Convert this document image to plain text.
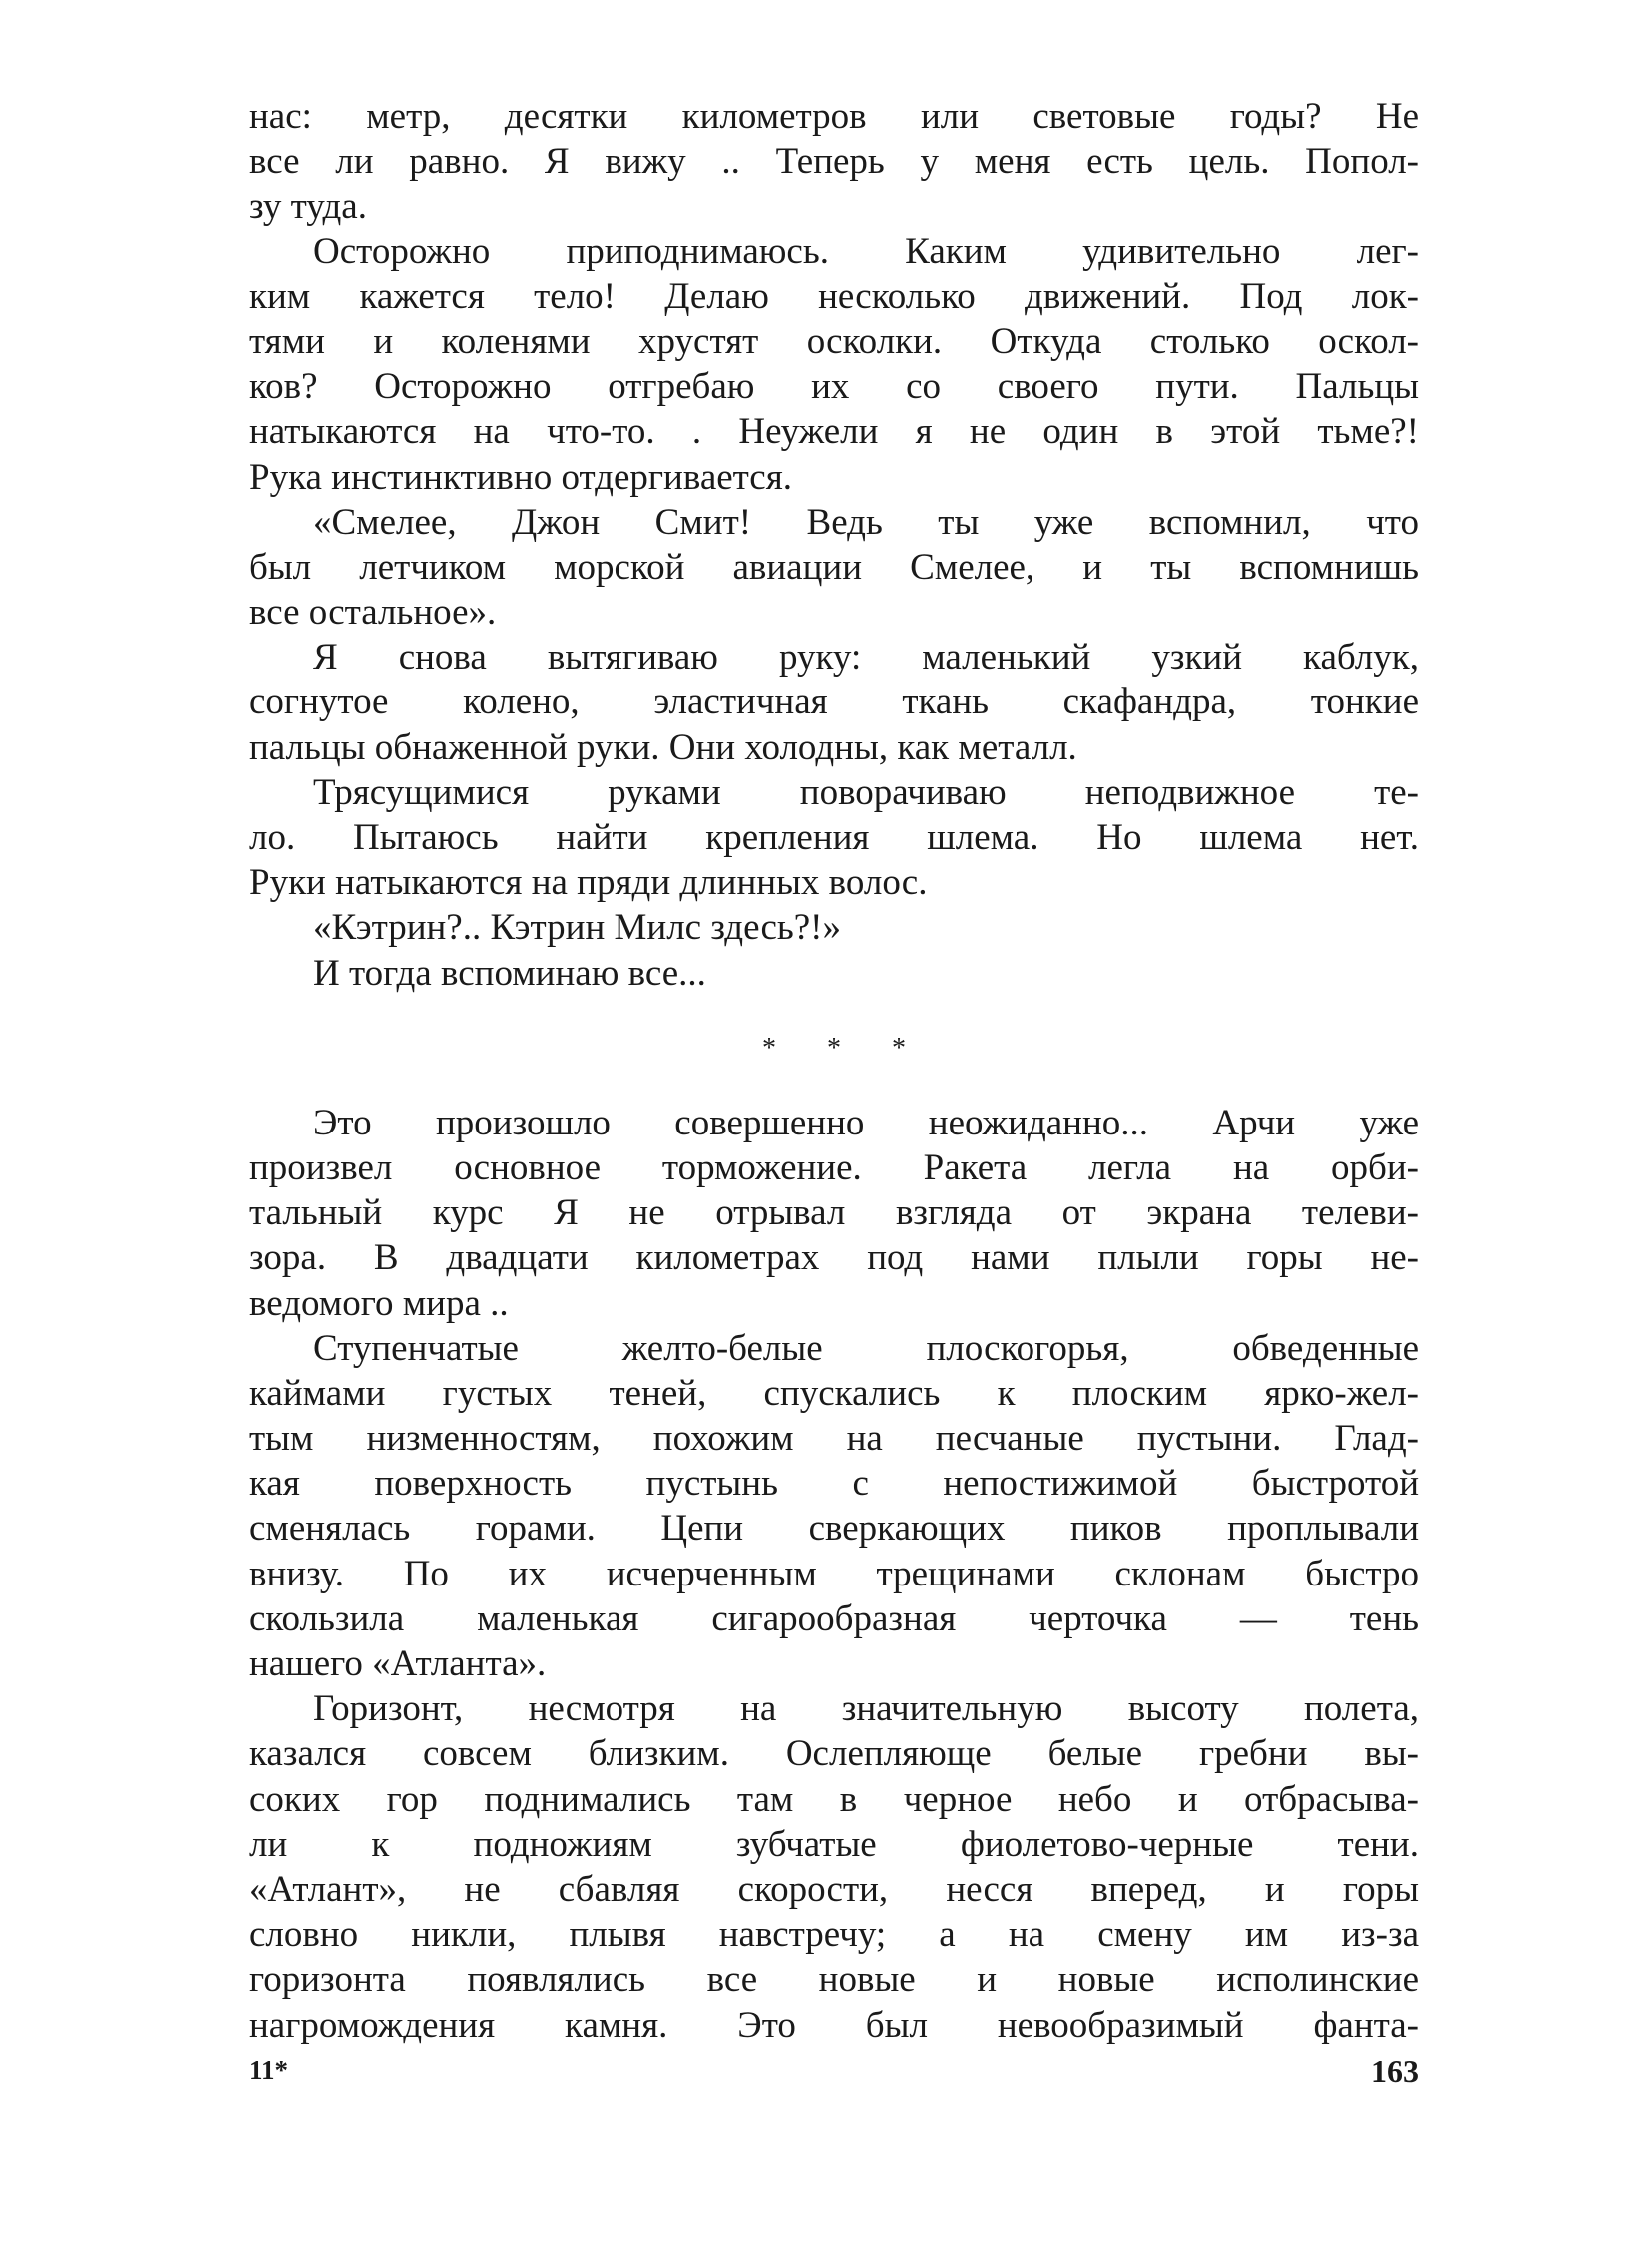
нас: метр, десятки километров или световые годы? Не
все ли равно. Я вижу .. Теперь у меня есть цель. Попол-
зу туда.
Осторожно приподнимаюсь. Каким удивительно лег-
ким кажется тело! Делаю несколько движений. Под лок-
тями и коленями хрустят осколки. Откуда столько оскол-
ков? Осторожно отгребаю их со своего пути. Пальцы
натыкаются на что-то. . Неужели я не один в этой тьме?!
Рука инстинктивно отдергивается.
«Смелее, Джон Смит! Ведь ты уже вспомнил, что
был летчиком морской авиации Смелее, и ты вспомнишь
все остальное».
Я снова вытягиваю руку: маленький узкий каблук,
согнутое колено, эластичная ткань скафандра, тонкие
пальцы обнаженной руки. Они холодны, как металл.
Трясущимися руками поворачиваю неподвижное те-
ло. Пытаюсь найти крепления шлема. Но шлема нет.
Руки натыкаются на пряди длинных волос.
«Кэтрин?.. Кэтрин Милс здесь?!»
И тогда вспоминаю все...
* * *
Это произошло совершенно неожиданно... Арчи уже
произвел основное торможение. Ракета легла на орби-
тальный курс Я не отрывал взгляда от экрана телеви-
зора. В двадцати километрах под нами плыли горы не-
ведомого мира ..
Ступенчатые желто-белые плоскогорья, обведенные
каймами густых теней, спускались к плоским ярко-жел-
тым низменностям, похожим на песчаные пустыни. Глад-
кая поверхность пустынь с непостижимой быстротой
сменялась горами. Цепи сверкающих пиков проплывали
внизу. По их исчерченным трещинами склонам быстро
скользила маленькая сигарообразная черточка — тень
нашего «Атланта».
Горизонт, несмотря на значительную высоту полета,
казался совсем близким. Ослепляюще белые гребни вы-
соких гор поднимались там в черное небо и отбрасыва-
ли к подножиям зубчатые фиолетово-черные тени.
«Атлант», не сбавляя скорости, несся вперед, и горы
словно никли, плывя навстречу; а на смену им из-за
горизонта появлялись все новые и новые исполинские
нагромождения камня. Это был невообразимый фанта-
11*	163
